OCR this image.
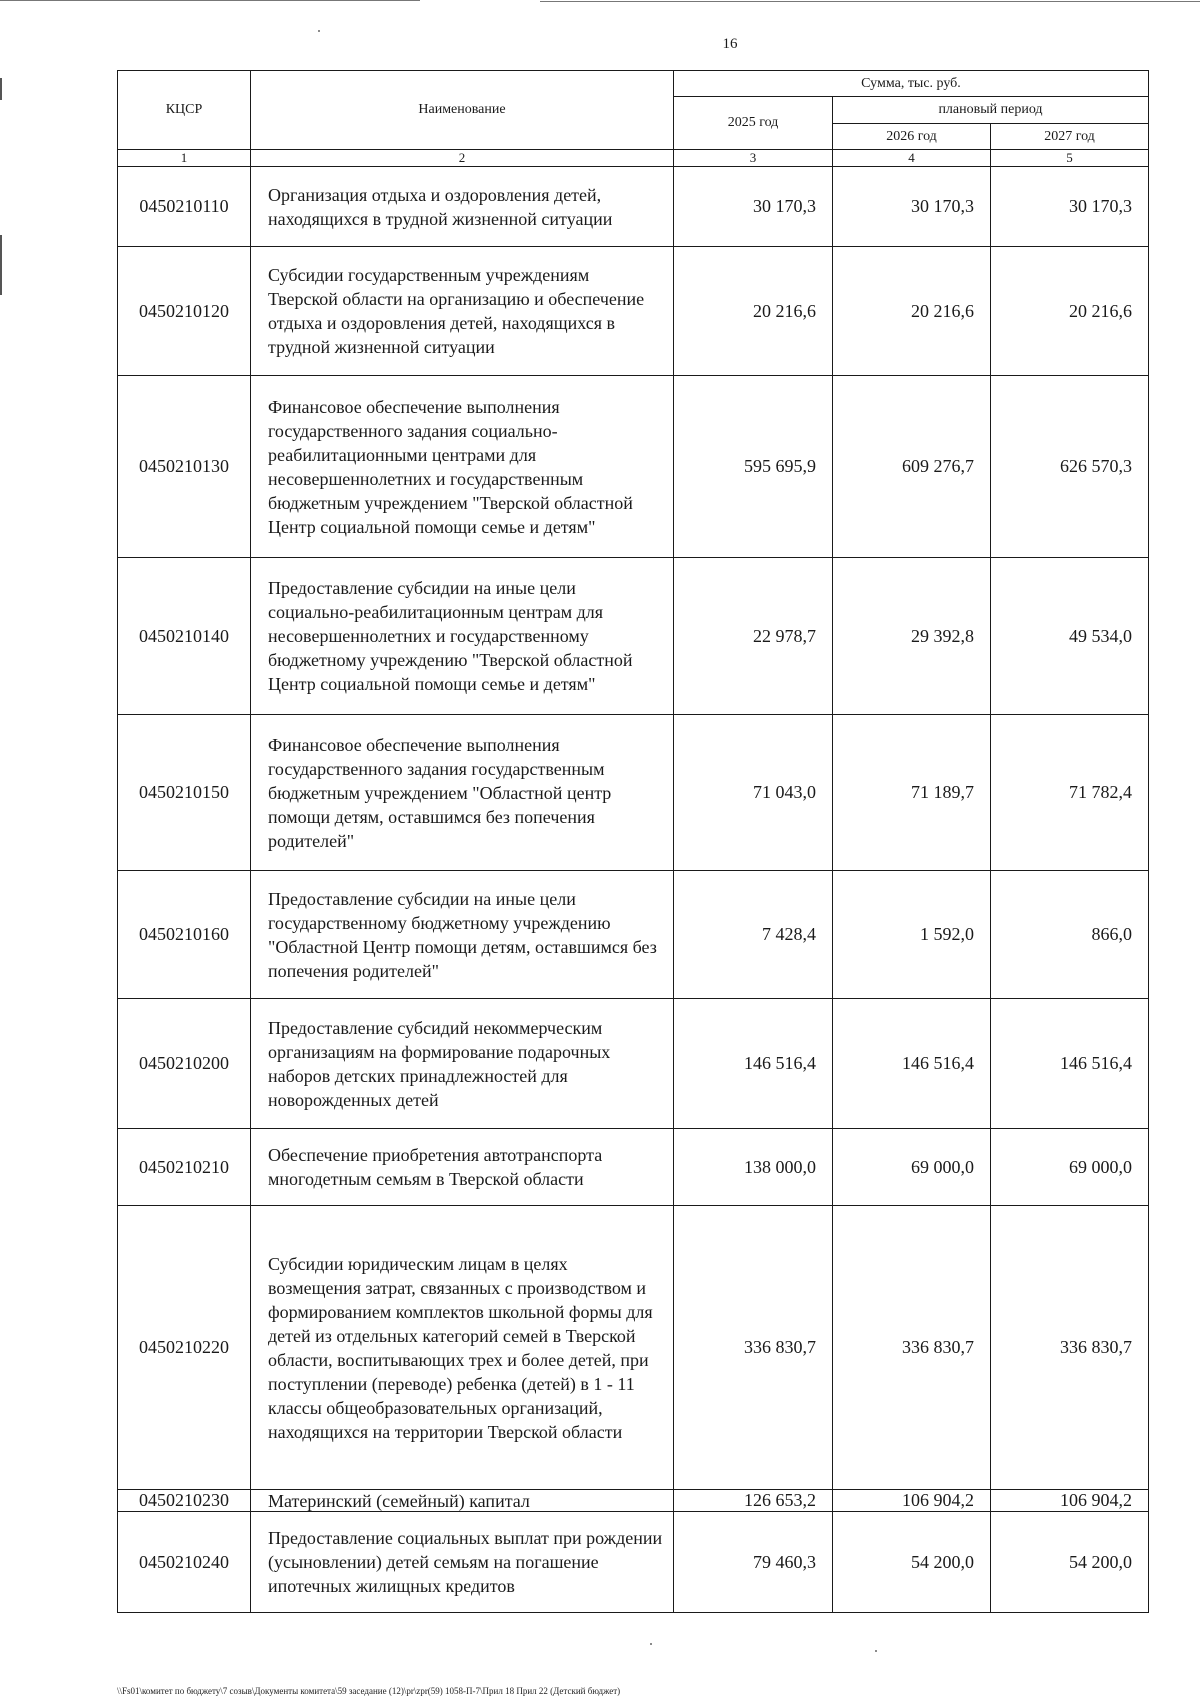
16
КЦСР	Наименование	Сумма, тыс. руб.		
		2025 год	плановый период	
			2026 год	2027 год
1	2	3	4	5
0450210110	Организация отдыха и оздоровления детей, находящихся в трудной жизненной ситуации	30 170,3	30 170,3	30 170,3
0450210120	Субсидии государственным учреждениям Тверской области на организацию и обеспечение отдыха и оздоровления детей, находящихся в трудной жизненной ситуации	20 216,6	20 216,6	20 216,6
0450210130	Финансовое обеспечение выполнения государственного задания социально-реабилитационными центрами для несовершеннолетних и государственным бюджетным учреждением "Тверской областной Центр социальной помощи семье и детям"	595 695,9	609 276,7	626 570,3
0450210140	Предоставление субсидии на иные цели социально-реабилитационным центрам для несовершеннолетних и государственному бюджетному учреждению "Тверской областной Центр социальной помощи семье и детям"	22 978,7	29 392,8	49 534,0
0450210150	Финансовое обеспечение выполнения государственного задания государственным бюджетным учреждением "Областной центр помощи детям, оставшимся без попечения родителей"	71 043,0	71 189,7	71 782,4
0450210160	Предоставление субсидии на иные цели государственному бюджетному учреждению "Областной Центр помощи детям, оставшимся без попечения родителей"	7 428,4	1 592,0	866,0
0450210200	Предоставление субсидий некоммерческим организациям на формирование подарочных наборов детских принадлежностей для новорожденных детей	146 516,4	146 516,4	146 516,4
0450210210	Обеспечение приобретения автотранспорта многодетным семьям в Тверской области	138 000,0	69 000,0	69 000,0
0450210220	Субсидии юридическим лицам в целях возмещения затрат, связанных с производством и формированием комплектов школьной формы для детей из отдельных категорий семей в Тверской области, воспитывающих трех и более детей, при поступлении (переводе) ребенка (детей) в 1 - 11 классы общеобразовательных организаций, находящихся на территории Тверской области	336 830,7	336 830,7	336 830,7
0450210230	Материнский (семейный) капитал	126 653,2	106 904,2	106 904,2
0450210240	Предоставление социальных выплат при рождении (усыновлении) детей семьям на погашение ипотечных жилищных кредитов	79 460,3	54 200,0	54 200,0
\\Fs01\комитет по бюджету\7 созыв\Документы комитета\59 заседание (12)\pr\zpr(59) 1058-П-7\Прил 18 Прил 22 (Детский бюджет)
